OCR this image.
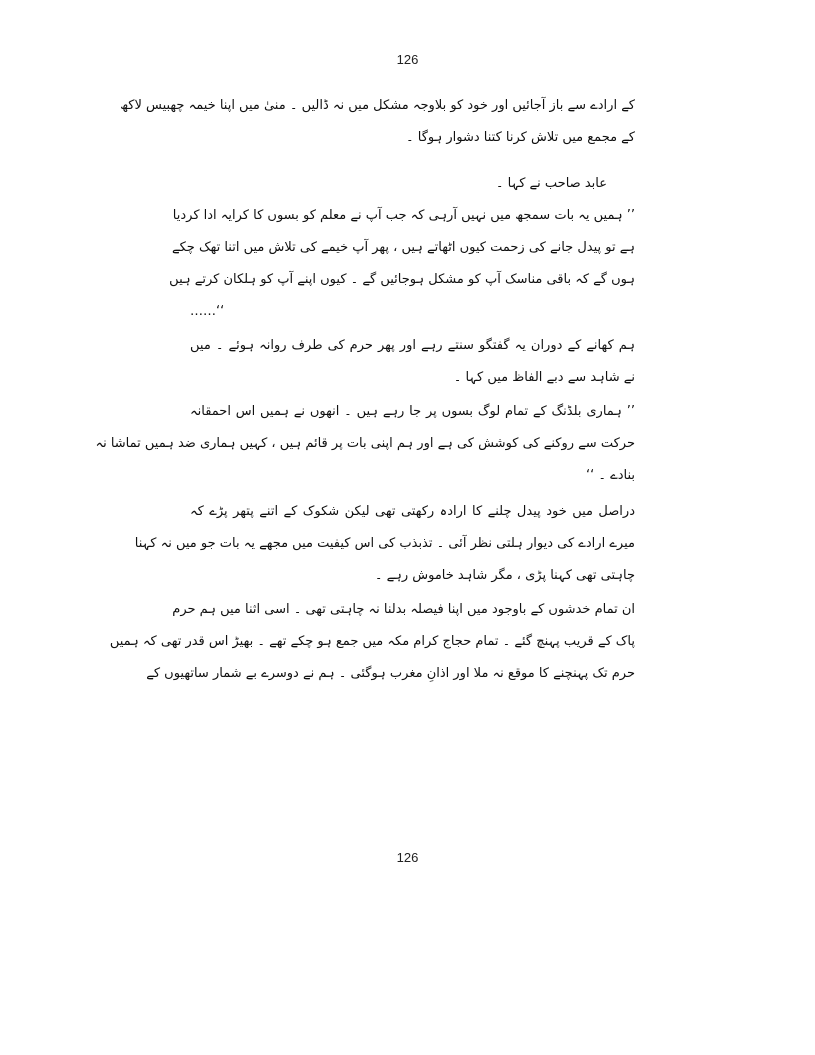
126
کے ارادے سے باز آجائیں اور خود کو بلاوجہ مشکل میں نہ ڈالیں ۔ منیٰ میں اپنا خیمہ چھبیس لاکھ
کے مجمع میں تلاش کرنا کتنا دشوار ہوگا ۔
عابد صاحب نے کہا ۔
’’ ہمیں یہ بات سمجھ میں نہیں آرہی کہ جب آپ نے معلم کو بسوں کا کرایہ ادا کردیا
ہے تو پیدل جانے کی زحمت کیوں اٹھاتے ہیں ، پھر آپ خیمے کی تلاش میں اتنا تھک چکے
ہوں گے کہ باقی مناسک آپ کو مشکل ہوجائیں گے ۔ کیوں اپنے آپ کو ہلکان کرتے ہیں
……‘‘
ہم کھانے کے دوران یہ گفتگو سنتے رہے اور پھر حرم کی طرف روانہ ہوئے ۔ میں
نے شاہد سے دبے الفاظ میں کہا ۔
’’ ہماری بلڈنگ کے تمام لوگ بسوں پر جا رہے ہیں ۔ انھوں نے ہمیں اس احمقانہ
حرکت سے روکنے کی کوشش کی ہے اور ہم اپنی بات پر قائم ہیں ، کہیں ہماری ضد ہمیں تماشا نہ
بنادے ۔ ‘‘
دراصل میں خود پیدل چلنے کا ارادہ رکھتی تھی لیکن شکوک کے اتنے پتھر پڑے کہ
میرے ارادے کی دیوار ہلتی نظر آئی ۔ تذبذب کی اس کیفیت میں مجھے یہ بات جو میں نہ کہنا
چاہتی تھی کہنا پڑی ، مگر شاہد خاموش رہے ۔
ان تمام خدشوں کے باوجود میں اپنا فیصلہ بدلنا نہ چاہتی تھی ۔ اسی اثنا میں ہم حرم
پاک کے قریب پہنچ گئے ۔ تمام حجاج کرام مکہ میں جمع ہو چکے تھے ۔ بھیڑ اس قدر تھی کہ ہمیں
حرم تک پہنچنے کا موقع نہ ملا اور اذانِ مغرب ہوگئی ۔ ہم نے دوسرے بے شمار ساتھیوں کے
126
